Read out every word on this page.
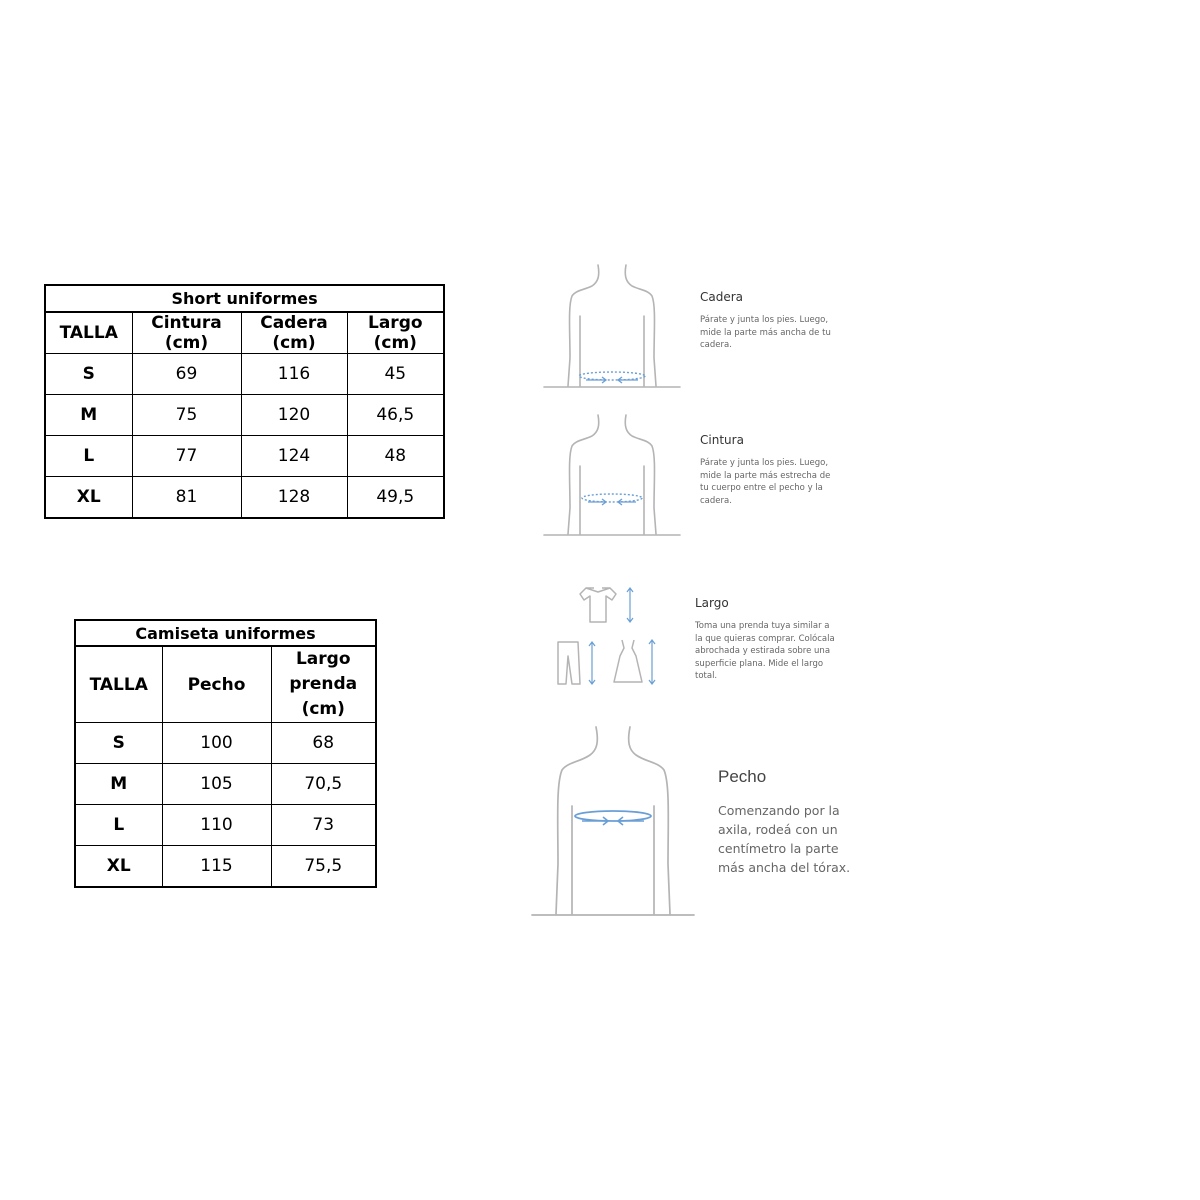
Short uniformes			
TALLA	Cintura (cm)	Cadera (cm)	Largo (cm)
S	69	116	45
M	75	120	46,5
L	77	124	48
XL	81	128	49,5
Camiseta uniformes		
TALLA	Pecho	Largo prenda (cm)
S	100	68
M	105	70,5
L	110	73
XL	115	75,5
Cadera
Párate y junta los pies. Luego, mide la parte más ancha de tu cadera.
Cintura
Párate y junta los pies. Luego, mide la parte más estrecha de tu cuerpo entre el pecho y la cadera.
Largo
Toma una prenda tuya similar a la que quieras comprar. Colócala abrochada y estirada sobre una superficie plana. Mide el largo total.
Pecho
Comenzando por la axila, rodeá con un centímetro la parte más ancha del tórax.
